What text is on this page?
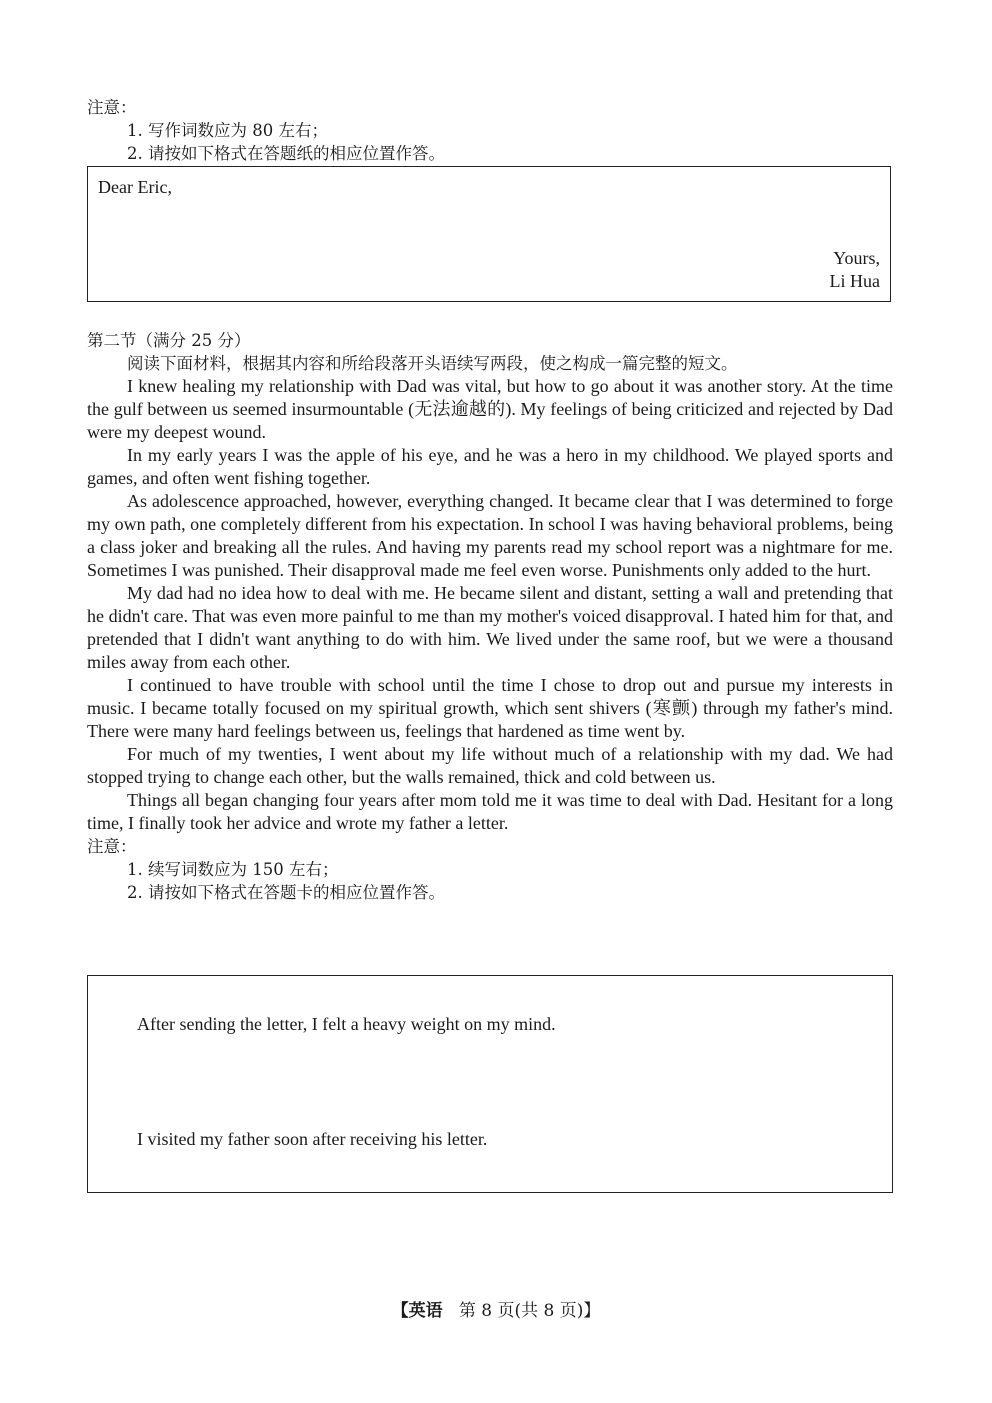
注意：
1. 写作词数应为 80 左右；
2. 请按如下格式在答题纸的相应位置作答。
Dear Eric,
Yours,
Li Hua
第二节（满分 25 分）
阅读下面材料，根据其内容和所给段落开头语续写两段，使之构成一篇完整的短文。

I knew healing my relationship with Dad was vital, but how to go about it was another story. At the time the gulf between us seemed insurmountable (无法逾越的). My feelings of being criticized and rejected by Dad were my deepest wound.

In my early years I was the apple of his eye, and he was a hero in my childhood. We played sports and games, and often went fishing together.

As adolescence approached, however, everything changed. It became clear that I was determined to forge my own path, one completely different from his expectation. In school I was having behavioral problems, being a class joker and breaking all the rules. And having my parents read my school report was a nightmare for me. Sometimes I was punished. Their disapproval made me feel even worse. Punishments only added to the hurt.

My dad had no idea how to deal with me. He became silent and distant, setting a wall and pretending that he didn't care. That was even more painful to me than my mother's voiced disapproval. I hated him for that, and pretended that I didn't want anything to do with him. We lived under the same roof, but we were a thousand miles away from each other.

I continued to have trouble with school until the time I chose to drop out and pursue my interests in music. I became totally focused on my spiritual growth, which sent shivers (寒颤) through my father's mind. There were many hard feelings between us, feelings that hardened as time went by.

For much of my twenties, I went about my life without much of a relationship with my dad. We had stopped trying to change each other, but the walls remained, thick and cold between us.

Things all began changing four years after mom told me it was time to deal with Dad. Hesitant for a long time, I finally took her advice and wrote my father a letter.

注意：
1. 续写词数应为 150 左右；
2. 请按如下格式在答题卡的相应位置作答。
After sending the letter, I felt a heavy weight on my mind.
I visited my father soon after receiving his letter.
【英语 第 8 页(共 8 页)】
